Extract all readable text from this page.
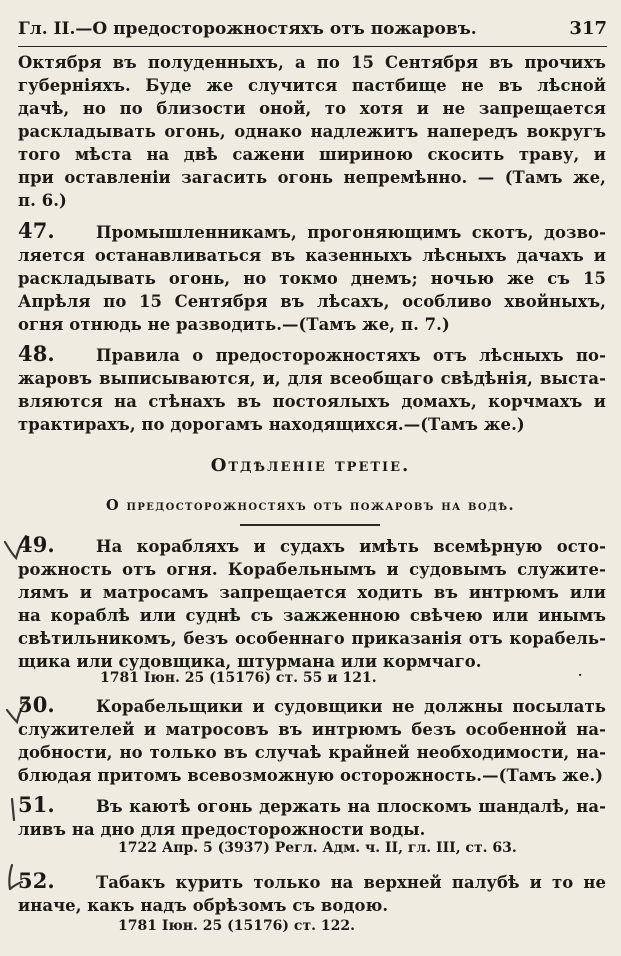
Гл. II.—О предосторожностяхъ отъ пожаровъ.	317
Октября въ полуденныхъ, а по 15 Сентября въ прочихъ
губерніяхъ. Буде же случится пастбище не въ лѣсной
дачѣ, но по близости оной, то хотя и не запрещается
раскладывать огонь, однако надлежитъ напередъ вокругъ
того мѣста на двѣ сажени шириною скосить траву, и
при оставленіи загасить огонь непремѣнно. — (Тамъ же,
п. 6.)
47.	Промышленникамъ, прогоняющимъ скотъ, дозво-
ляется останавливаться въ казенныхъ лѣсныхъ дачахъ и
раскладывать огонь, но токмо днемъ; ночью же съ 15
Апрѣля по 15 Сентября въ лѣсахъ, особливо хвойныхъ,
огня отнюдь не разводить.—(Тамъ же, п. 7.)
48.	Правила о предосторожностяхъ отъ лѣсныхъ по-
жаровъ выписываются, и, для всеобщаго свѣдѣнія, выста-
вляются на стѣнахъ въ постоялыхъ домахъ, корчмахъ и
трактирахъ, по дорогамъ находящихся.—(Тамъ же.)
Отдѣленіе третіе.
О предосторожностяхъ отъ пожаровъ на водѣ.
49.	На корабляхъ и судахъ имѣть всемѣрную осто-
рожность отъ огня. Корабельнымъ и судовымъ служите-
лямъ и матросамъ запрещается ходить въ интрюмъ или
на кораблѣ или суднѣ съ зажженною свѣчею или инымъ
свѣтильникомъ, безъ особеннаго приказанія отъ корабель-
щика или судовщика, штурмана или кормчаго.
1781 Іюн. 25 (15176) ст. 55 и 121.	·
50.	Корабельщики и судовщики не должны посылать
служителей и матросовъ въ интрюмъ безъ особенной на-
добности, но только въ случаѣ крайней необходимости, на-
блюдая притомъ всевозможную осторожность.—(Тамъ же.)
51.	Въ каютѣ огонь держать на плоскомъ шандалѣ, на-
ливъ на дно для предосторожности воды.
1722 Апр. 5 (3937) Регл. Адм. ч. II, гл. III, ст. 63.
52.	Табакъ курить только на верхней палубѣ и то не
иначе, какъ надъ обрѣзомъ съ водою.
1781 Іюн. 25 (15176) ст. 122.
